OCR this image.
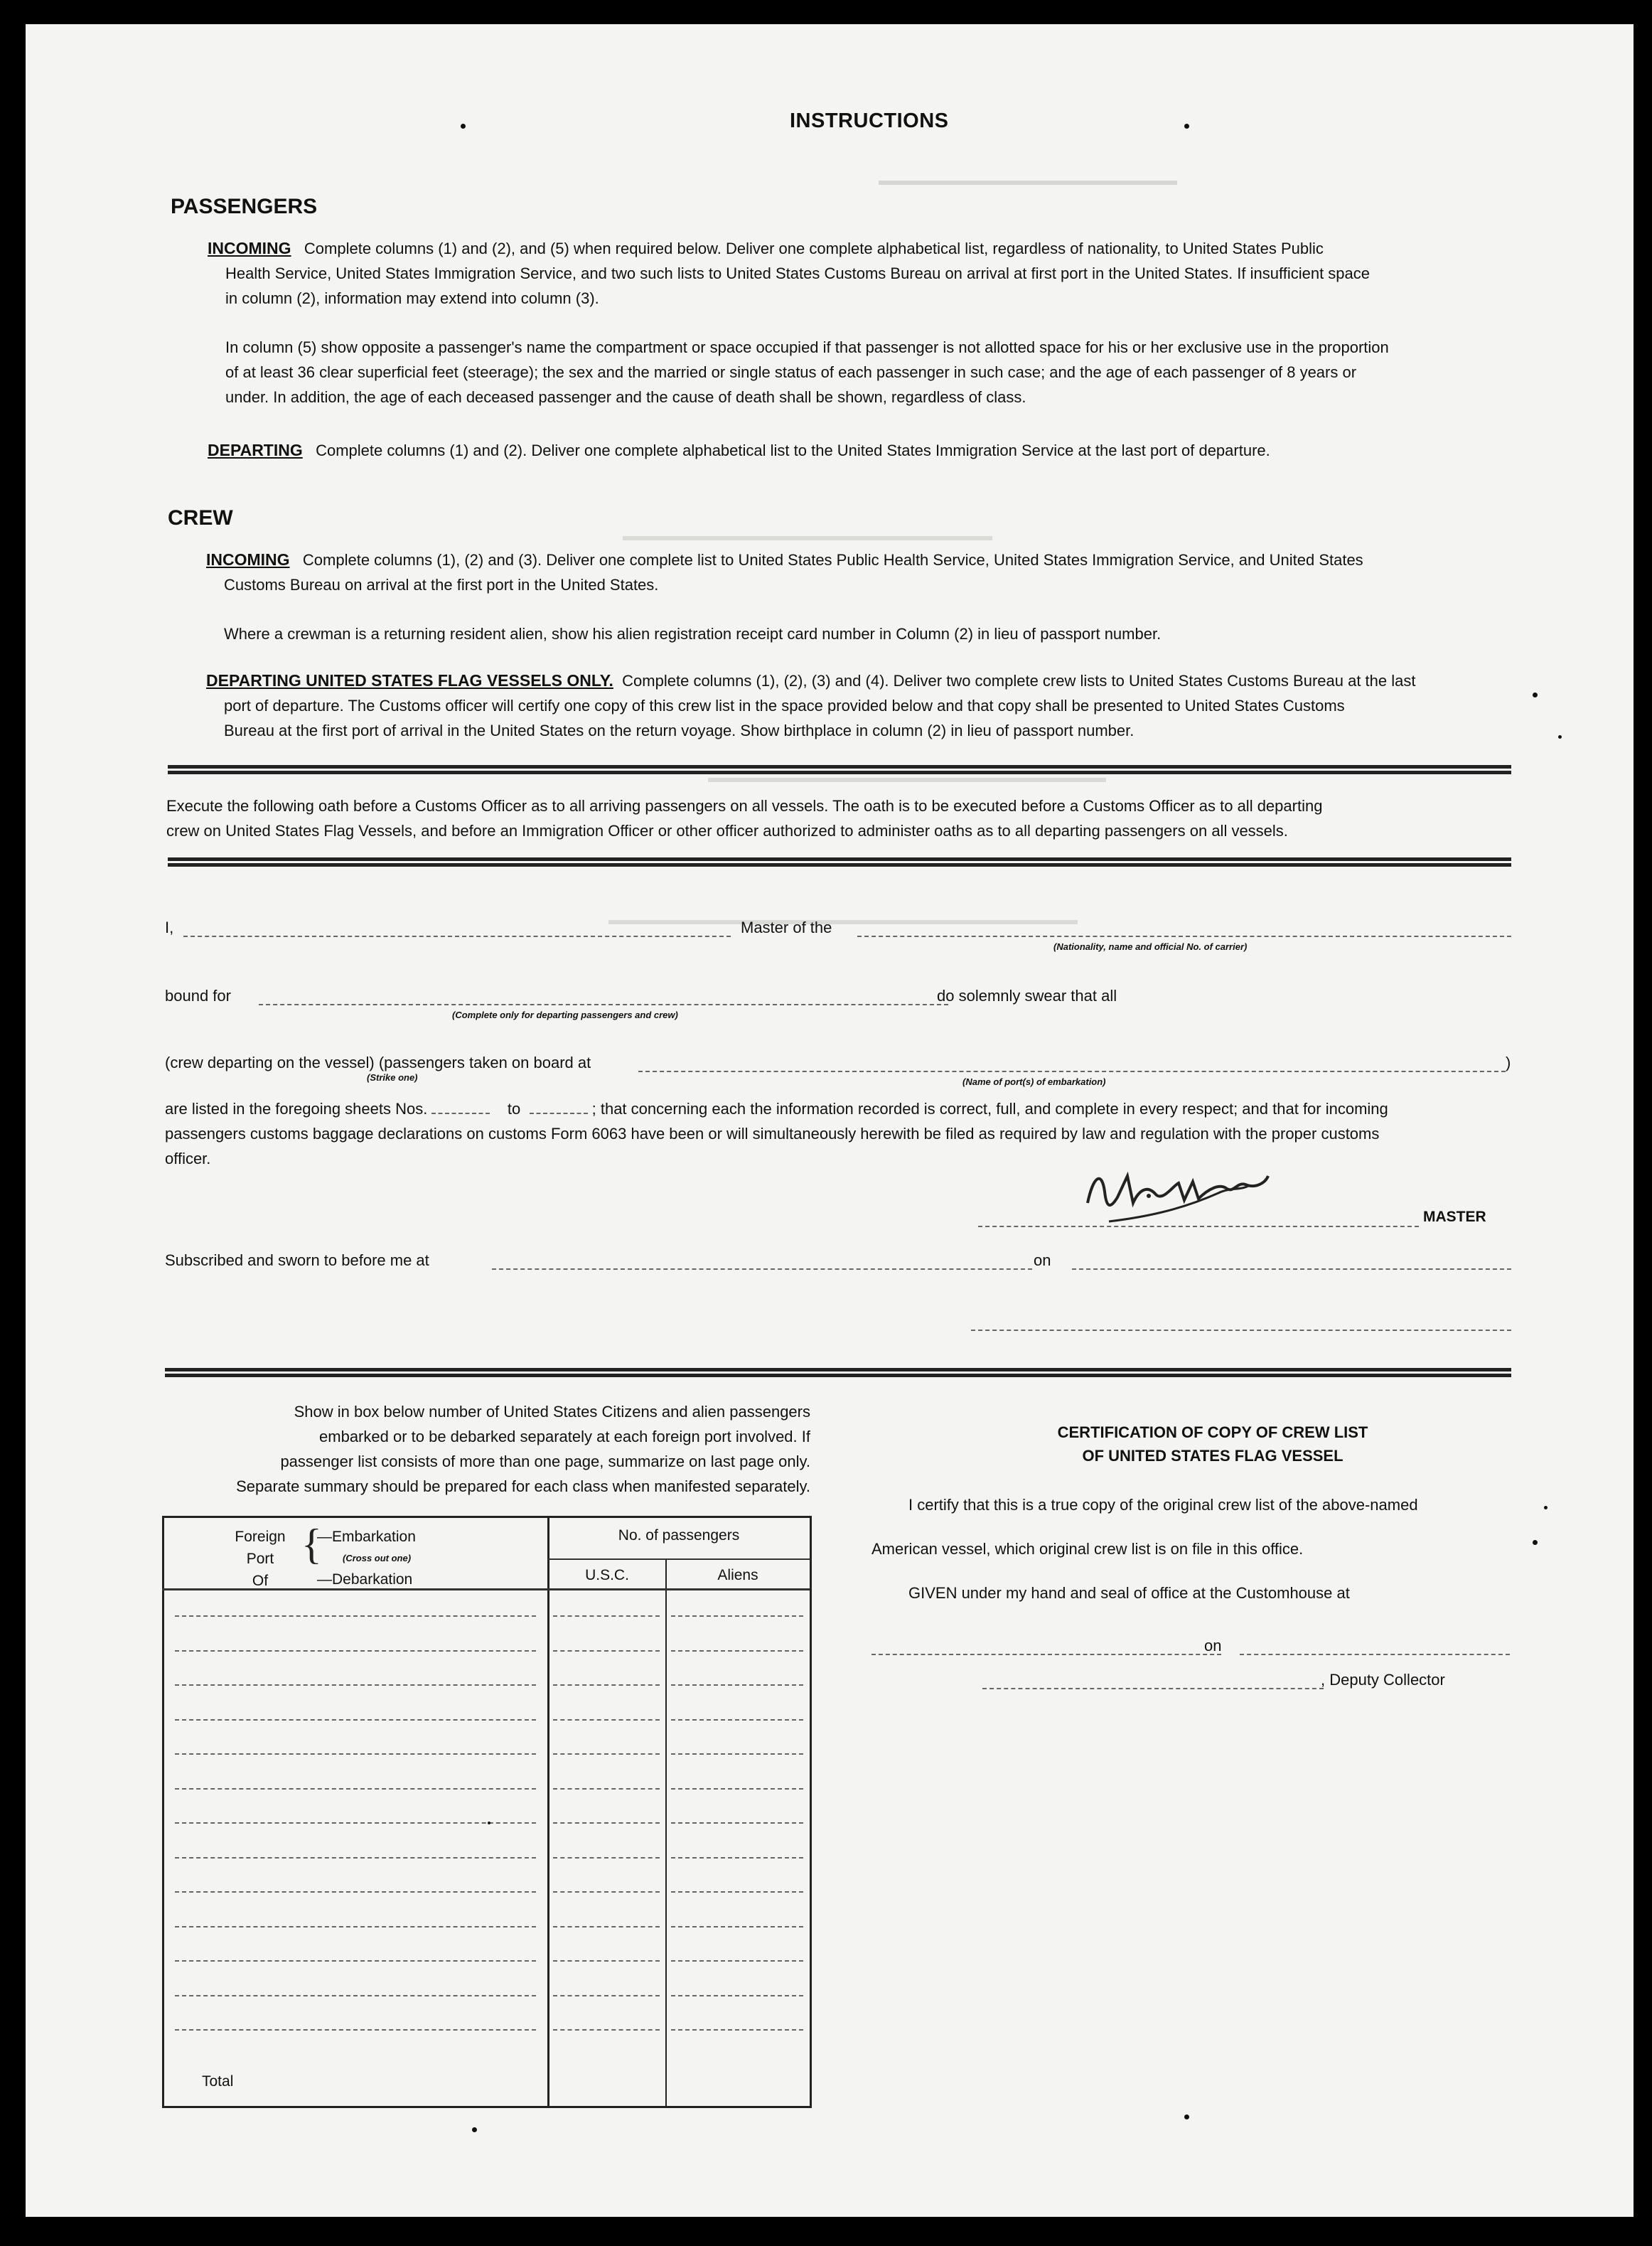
INSTRUCTIONS
PASSENGERS
INCOMING Complete columns (1) and (2), and (5) when required below. Deliver one complete alphabetical list, regardless of nationality, to United States Public
Health Service, United States Immigration Service, and two such lists to United States Customs Bureau on arrival at first port in the United States. If insufficient space
in column (2), information may extend into column (3).
In column (5) show opposite a passenger's name the compartment or space occupied if that passenger is not allotted space for his or her exclusive use in the proportion
of at least 36 clear superficial feet (steerage); the sex and the married or single status of each passenger in such case; and the age of each passenger of 8 years or
under. In addition, the age of each deceased passenger and the cause of death shall be shown, regardless of class.
DEPARTING Complete columns (1) and (2). Deliver one complete alphabetical list to the United States Immigration Service at the last port of departure.
CREW
INCOMING Complete columns (1), (2) and (3). Deliver one complete list to United States Public Health Service, United States Immigration Service, and United States
Customs Bureau on arrival at the first port in the United States.
Where a crewman is a returning resident alien, show his alien registration receipt card number in Column (2) in lieu of passport number.
DEPARTING UNITED STATES FLAG VESSELS ONLY. Complete columns (1), (2), (3) and (4). Deliver two complete crew lists to United States Customs Bureau at the last
port of departure. The Customs officer will certify one copy of this crew list in the space provided below and that copy shall be presented to United States Customs
Bureau at the first port of arrival in the United States on the return voyage. Show birthplace in column (2) in lieu of passport number.
Execute the following oath before a Customs Officer as to all arriving passengers on all vessels. The oath is to be executed before a Customs Officer as to all departing
crew on United States Flag Vessels, and before an Immigration Officer or other officer authorized to administer oaths as to all departing passengers on all vessels.
I,	Master of the
(Nationality, name and official No. of carrier)
bound for
(Complete only for departing passengers and crew)
do solemnly swear that all
(crew departing on the vessel) (passengers taken on board at
(Strike one)	(Name of port(s) of embarkation)
)
are listed in the foregoing sheets Nos.	to	; that concerning each the information recorded is correct, full, and complete in every respect; and that for incoming
passengers customs baggage declarations on customs Form 6063 have been or will simultaneously herewith be filed as required by law and regulation with the proper customs
officer.
MASTER
Subscribed and sworn to before me at	on
Show in box below number of United States Citizens and alien passengers
embarked or to be debarked separately at each foreign port involved. If
passenger list consists of more than one page, summarize on last page only.
Separate summary should be prepared for each class when manifested separately.
Foreign
Port
Of
{
—Embarkation
(Cross out one)
—Debarkation
No. of passengers
U.S.C.	Aliens
Total
CERTIFICATION OF COPY OF CREW LIST
OF UNITED STATES FLAG VESSEL
I certify that this is a true copy of the original crew list of the above-named
American vessel, which original crew list is on file in this office.
GIVEN under my hand and seal of office at the Customhouse at
on
, Deputy Collector
